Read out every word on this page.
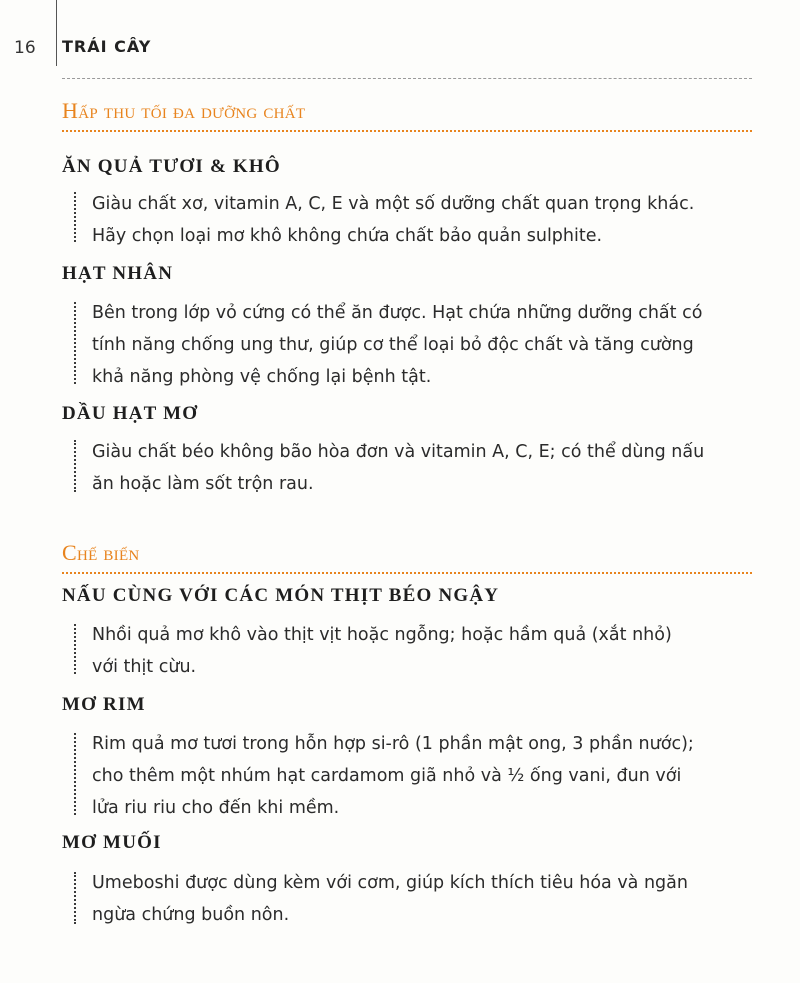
16 TRÁI CÂY
Hấp thu tối đa dưỡng chất
ĂN QUẢ TƯƠI & KHÔ

Giàu chất xơ, vitamin A, C, E và một số dưỡng chất quan trọng khác.

Hãy chọn loại mơ khô không chứa chất bảo quản sulphite.

HẠT NHÂN

Bên trong lớp vỏ cứng có thể ăn được. Hạt chứa những dưỡng chất có

tính năng chống ung thư, giúp cơ thể loại bỏ độc chất và tăng cường

khả năng phòng vệ chống lại bệnh tật.

DẦU HẠT MƠ

Giàu chất béo không bão hòa đơn và vitamin A, C, E; có thể dùng nấu

ăn hoặc làm sốt trộn rau.

Chế biến
NẤU CÙNG VỚI CÁC MÓN THỊT BÉO NGẬY

Nhồi quả mơ khô vào thịt vịt hoặc ngỗng; hoặc hầm quả (xắt nhỏ)

với thịt cừu.

MƠ RIM

Rim quả mơ tươi trong hỗn hợp si-rô (1 phần mật ong, 3 phần nước);

cho thêm một nhúm hạt cardamom giã nhỏ và ½ ống vani, đun với

lửa riu riu cho đến khi mềm.

MƠ MUỐI

Umeboshi được dùng kèm với cơm, giúp kích thích tiêu hóa và ngăn

ngừa chứng buồn nôn.
